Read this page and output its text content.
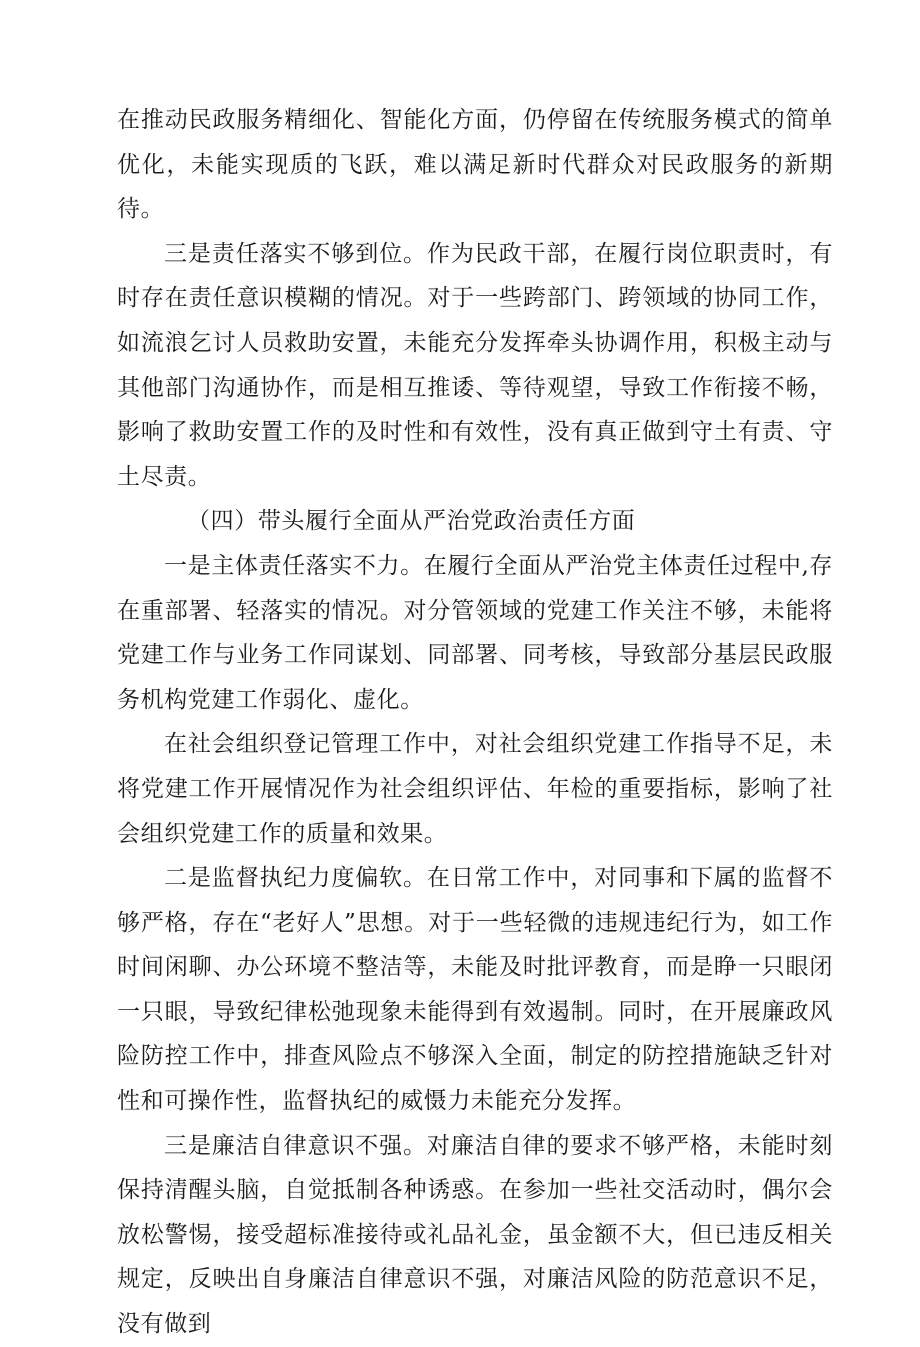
在推动民政服务精细化、智能化方面，仍停留在传统服务模式的简单优化，未能实现质的飞跃，难以满足新时代群众对民政服务的新期待。

三是责任落实不够到位。作为民政干部，在履行岗位职责时，有时存在责任意识模糊的情况。对于一些跨部门、跨领域的协同工作，如流浪乞讨人员救助安置，未能充分发挥牵头协调作用，积极主动与其他部门沟通协作，而是相互推诿、等待观望，导致工作衔接不畅，影响了救助安置工作的及时性和有效性，没有真正做到守土有责、守土尽责。

（四）带头履行全面从严治党政治责任方面

一是主体责任落实不力。在履行全面从严治党主体责任过程中,存在重部署、轻落实的情况。对分管领域的党建工作关注不够，未能将党建工作与业务工作同谋划、同部署、同考核，导致部分基层民政服务机构党建工作弱化、虚化。

在社会组织登记管理工作中，对社会组织党建工作指导不足，未将党建工作开展情况作为社会组织评估、年检的重要指标，影响了社会组织党建工作的质量和效果。

二是监督执纪力度偏软。在日常工作中，对同事和下属的监督不够严格，存在“老好人”思想。对于一些轻微的违规违纪行为，如工作时间闲聊、办公环境不整洁等，未能及时批评教育，而是睁一只眼闭一只眼，导致纪律松弛现象未能得到有效遏制。同时，在开展廉政风险防控工作中，排查风险点不够深入全面，制定的防控措施缺乏针对性和可操作性，监督执纪的威慑力未能充分发挥。

三是廉洁自律意识不强。对廉洁自律的要求不够严格，未能时刻保持清醒头脑，自觉抵制各种诱惑。在参加一些社交活动时，偶尔会放松警惕，接受超标准接待或礼品礼金，虽金额不大，但已违反相关规定，反映出自身廉洁自律意识不强，对廉洁风险的防范意识不足，没有做到
